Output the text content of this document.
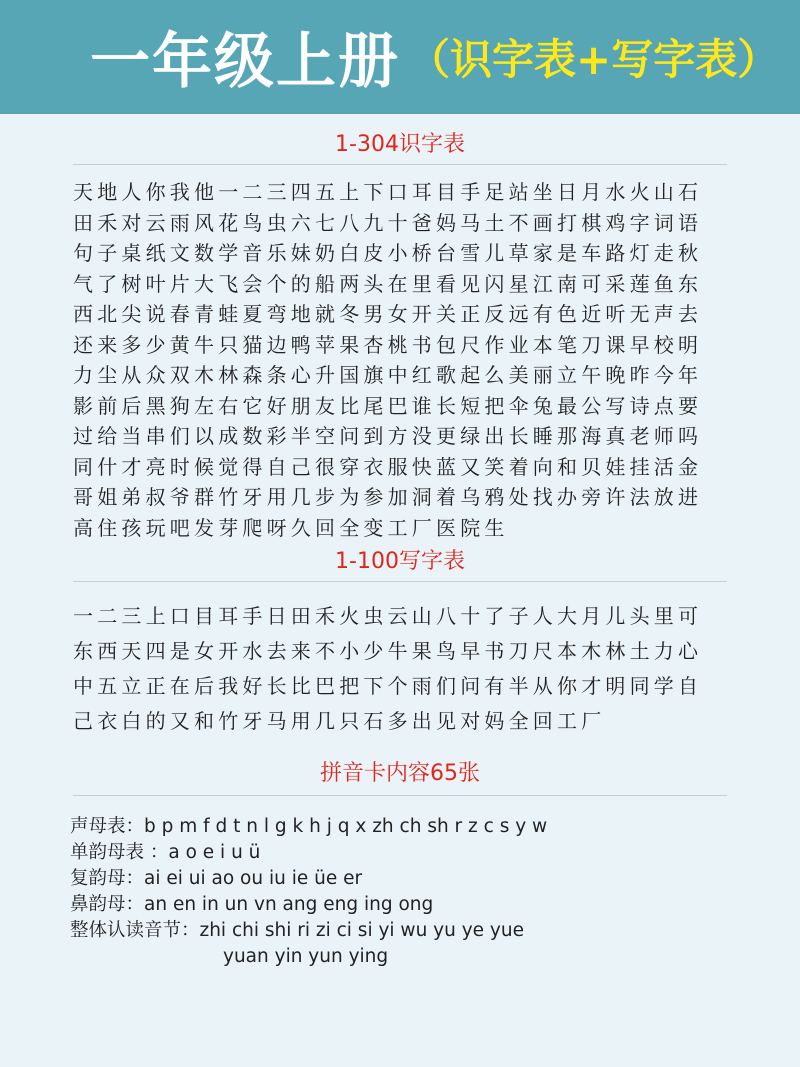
一年级上册 （识字表+写字表）
1-304识字表
天地人你我他一二三四五上下口耳目手足站坐日月水火山石
田禾对云雨风花鸟虫六七八九十爸妈马土不画打棋鸡字词语
句子桌纸文数学音乐妹奶白皮小桥台雪儿草家是车路灯走秋
气了树叶片大飞会个的船两头在里看见闪星江南可采莲鱼东
西北尖说春青蛙夏弯地就冬男女开关正反远有色近听无声去
还来多少黄牛只猫边鸭苹果杏桃书包尺作业本笔刀课早校明
力尘从众双木林森条心升国旗中红歌起么美丽立午晚昨今年
影前后黑狗左右它好朋友比尾巴谁长短把伞兔最公写诗点要
过给当串们以成数彩半空问到方没更绿出长睡那海真老师吗
同什才亮时候觉得自己很穿衣服快蓝又笑着向和贝娃挂活金
哥姐弟叔爷群竹牙用几步为参加洞着乌鸦处找办旁许法放进
高住孩玩吧发芽爬呀久回全变工厂医院生
1-100写字表
一二三上口目耳手日田禾火虫云山八十了子人大月儿头里可
东西天四是女开水去来不小少牛果鸟早书刀尺本木林土力心
中五立正在后我好长比巴把下个雨们问有半从你才明同学自
己衣白的又和竹牙马用几只石多出见对妈全回工厂
拼音卡内容65张
声母表：b p m f d t n l g k h j q x zh ch sh r z c s y w
单韵母表 ：a o e i u ü
复韵母：ai ei ui ao ou iu ie üe er
鼻韵母：an en in un vn ang eng ing ong
整体认读音节：zhi chi shi ri zi ci si yi wu yu ye yue
yuan yin yun ying
